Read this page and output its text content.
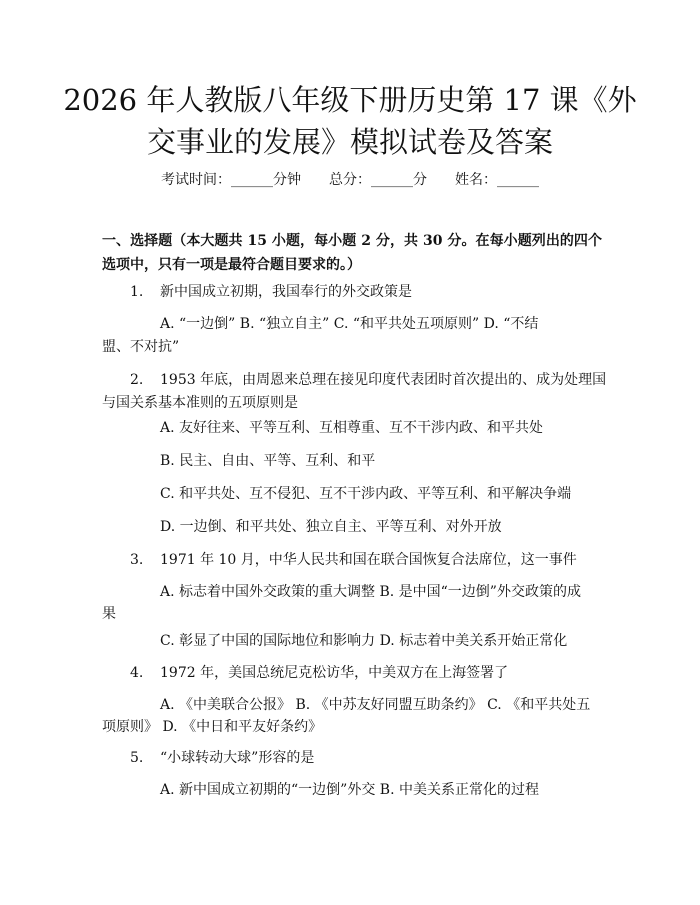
2026 年人教版八年级下册历史第 17 课《外
交事业的发展》模拟试卷及答案
考试时间：______分钟 总分：______分 姓名：______
一、选择题（本大题共 15 小题，每小题 2 分，共 30 分。在每小题列出的四个选项中，只有一项是最符合题目要求的。）
1. 新中国成立初期，我国奉行的外交政策是
A. “一边倒” B. “独立自主” C. “和平共处五项原则” D. “不结
盟、不对抗”
2. 1953 年底，由周恩来总理在接见印度代表团时首次提出的、成为处理国
与国关系基本准则的五项原则是
A. 友好往来、平等互利、互相尊重、互不干涉内政、和平共处
B. 民主、自由、平等、互利、和平
C. 和平共处、互不侵犯、互不干涉内政、平等互利、和平解决争端
D. 一边倒、和平共处、独立自主、平等互利、对外开放
3. 1971 年 10 月，中华人民共和国在联合国恢复合法席位，这一事件
A. 标志着中国外交政策的重大调整 B. 是中国“一边倒”外交政策的成
果
C. 彰显了中国的国际地位和影响力 D. 标志着中美关系开始正常化
4. 1972 年，美国总统尼克松访华，中美双方在上海签署了
A. 《中美联合公报》 B. 《中苏友好同盟互助条约》 C. 《和平共处五
项原则》 D. 《中日和平友好条约》
5. “小球转动大球”形容的是
A. 新中国成立初期的“一边倒”外交 B. 中美关系正常化的过程
